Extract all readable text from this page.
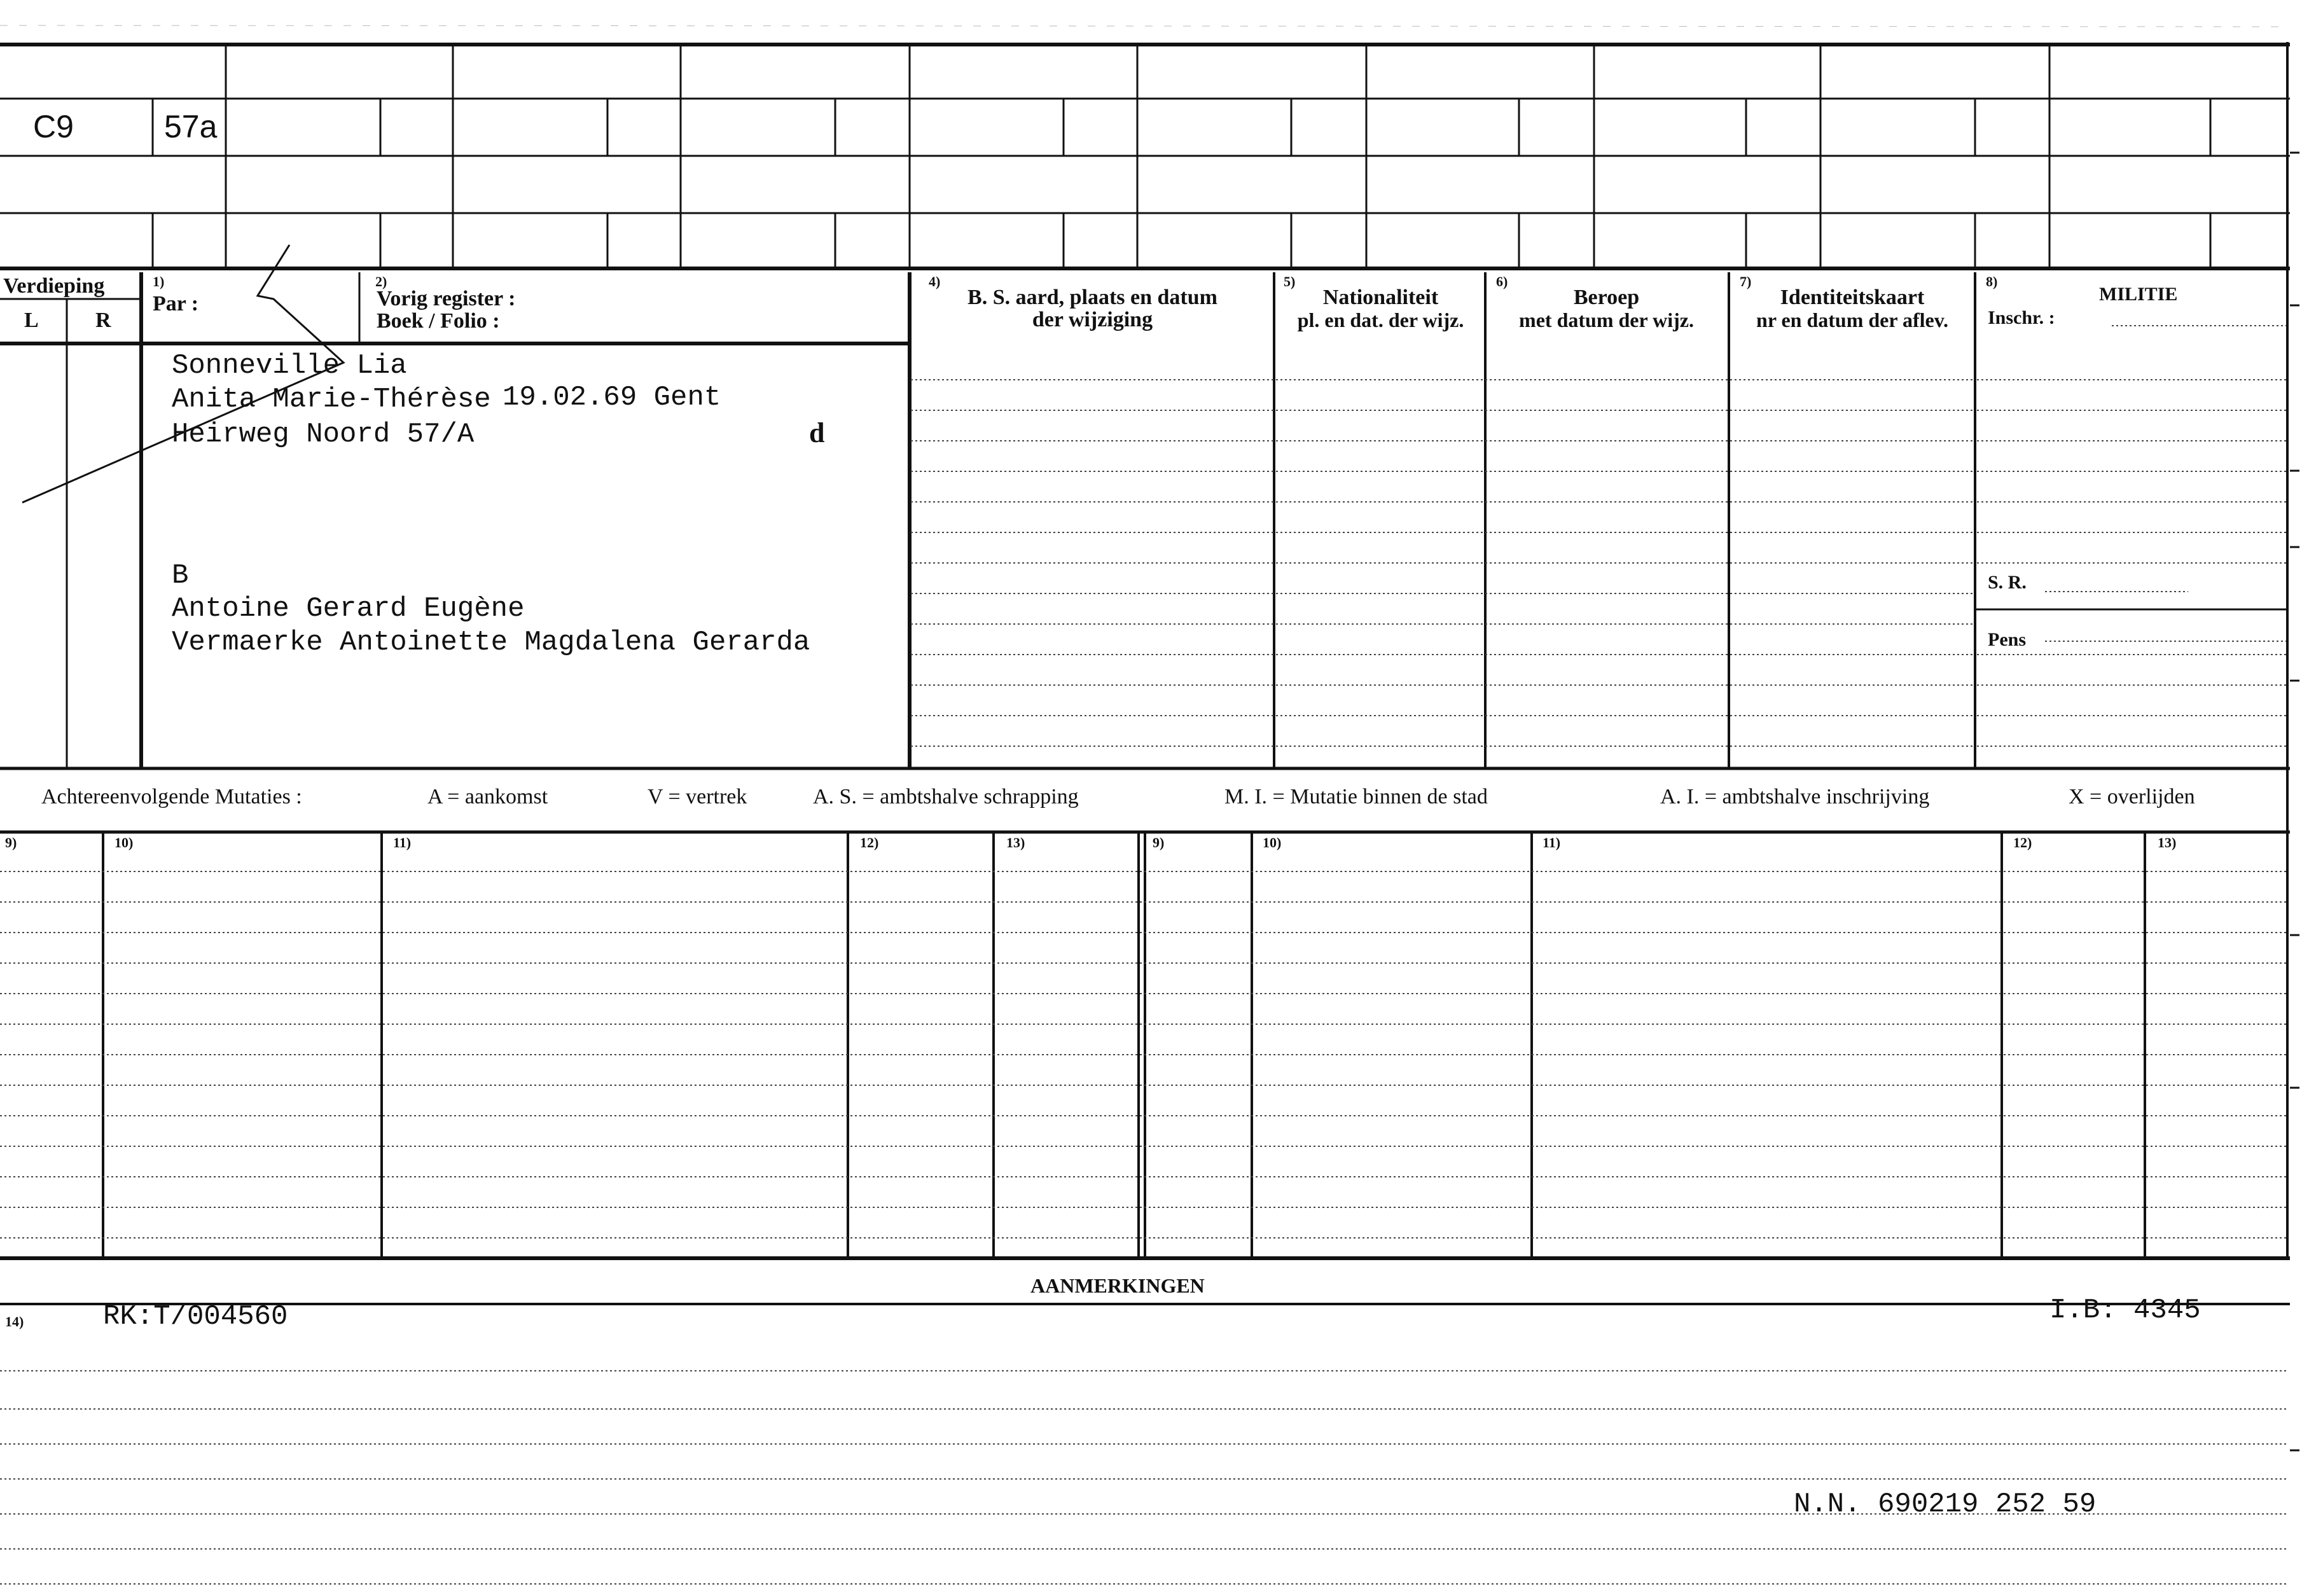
C9	57a
Verdieping
L	R
1)
Par :
2)
Vorig register :
Boek / Folio :
4)
B. S. aard, plaats en datum
der wijziging
5)
Nationaliteit
pl. en dat. der wijz.
6)
Beroep
met datum der wijz.
7)
Identiteitskaart
nr en datum der aflev.
8)
MILITIE
Inschr. :
S. R.
Pens
Sonneville Lia
Anita Marie-Thérèse 19.02.69 Gent
Heirweg Noord 57/A	d
B
Antoine Gerard Eugène
Vermaerke Antoinette Magdalena Gerarda
Achtereenvolgende Mutaties :	A = aankomst	V = vertrek	A. S. = ambtshalve schrapping	M. I. = Mutatie binnen de stad	A. I. = ambtshalve inschrijving	X = overlijden
9)	10)	11)	12)	13)	9)	10)	11)	12)	13)
AANMERKINGEN
14)	RK:T/004560	I.B: 4345
N.N. 690219 252 59
